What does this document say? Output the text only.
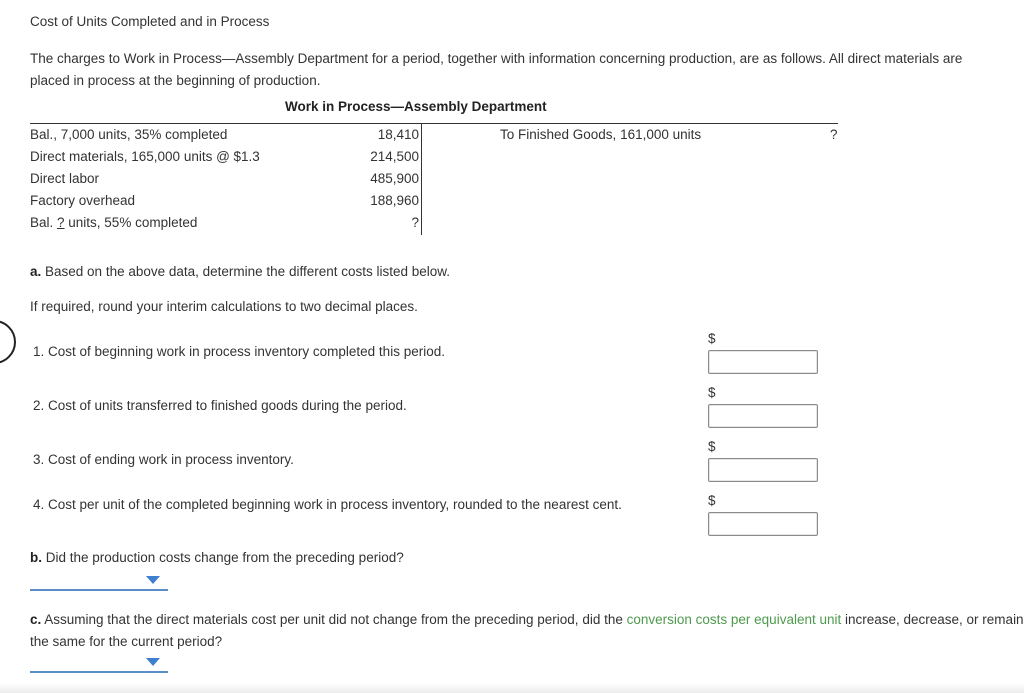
Cost of Units Completed and in Process
The charges to Work in Process—Assembly Department for a period, together with information concerning production, are as follows. All direct materials are placed in process at the beginning of production.
Work in Process—Assembly Department
Bal., 7,000 units, 35% completed	18,410	To Finished Goods, 161,000 units	?
Direct materials, 165,000 units @ $1.3	214,500
Direct labor	485,900
Factory overhead	188,960
Bal. ? units, 55% completed	?
a. Based on the above data, determine the different costs listed below.
If required, round your interim calculations to two decimal places.
1. Cost of beginning work in process inventory completed this period.
$
2. Cost of units transferred to finished goods during the period.
$
3. Cost of ending work in process inventory.
$
4. Cost per unit of the completed beginning work in process inventory, rounded to the nearest cent.	$
b. Did the production costs change from the preceding period?
c. Assuming that the direct materials cost per unit did not change from the preceding period, did the conversion costs per equivalent unit increase, decrease, or remain the same for the current period?
